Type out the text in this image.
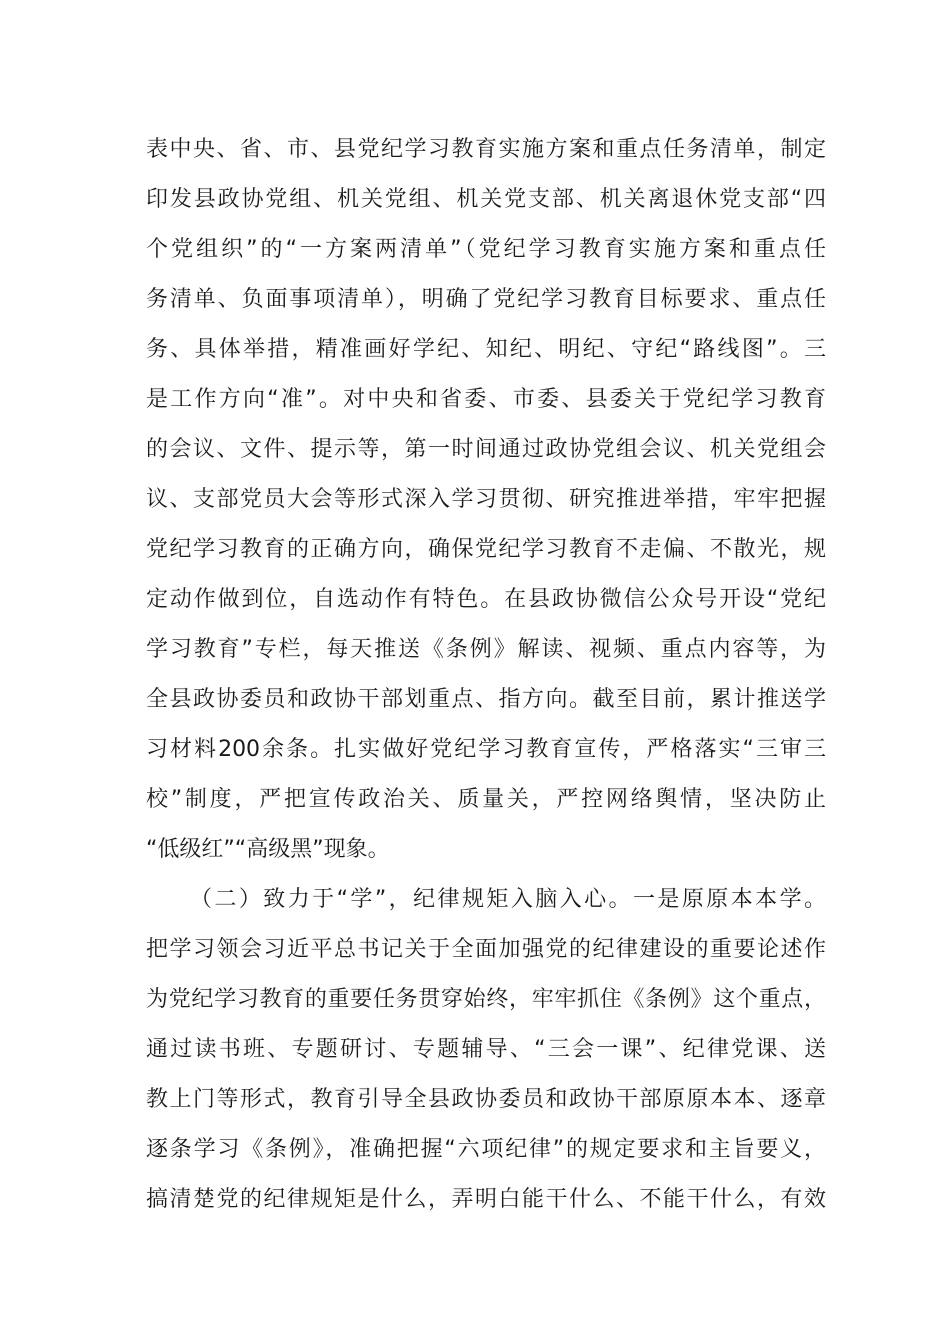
表中央、省、市、县党纪学习教育实施方案和重点任务清单，制定
印发县政协党组、机关党组、机关党支部、机关离退休党支部“四
个党组织”的“一方案两清单”（党纪学习教育实施方案和重点任
务清单、负面事项清单），明确了党纪学习教育目标要求、重点任
务、具体举措，精准画好学纪、知纪、明纪、守纪“路线图”。三
是工作方向“准”。对中央和省委、市委、县委关于党纪学习教育
的会议、文件、提示等，第一时间通过政协党组会议、机关党组会
议、支部党员大会等形式深入学习贯彻、研究推进举措，牢牢把握
党纪学习教育的正确方向，确保党纪学习教育不走偏、不散光，规
定动作做到位，自选动作有特色。在县政协微信公众号开设“党纪
学习教育”专栏，每天推送《条例》解读、视频、重点内容等，为
全县政协委员和政协干部划重点、指方向。截至目前，累计推送学
习材料200余条。扎实做好党纪学习教育宣传，严格落实“三审三
校”制度，严把宣传政治关、质量关，严控网络舆情，坚决防止
“低级红”“高级黑”现象。
（二）致力于“学”，纪律规矩入脑入心。一是原原本本学。
把学习领会习近平总书记关于全面加强党的纪律建设的重要论述作
为党纪学习教育的重要任务贯穿始终，牢牢抓住《条例》这个重点，
通过读书班、专题研讨、专题辅导、“三会一课”、纪律党课、送
教上门等形式，教育引导全县政协委员和政协干部原原本本、逐章
逐条学习《条例》，准确把握“六项纪律”的规定要求和主旨要义，
搞清楚党的纪律规矩是什么，弄明白能干什么、不能干什么，有效
